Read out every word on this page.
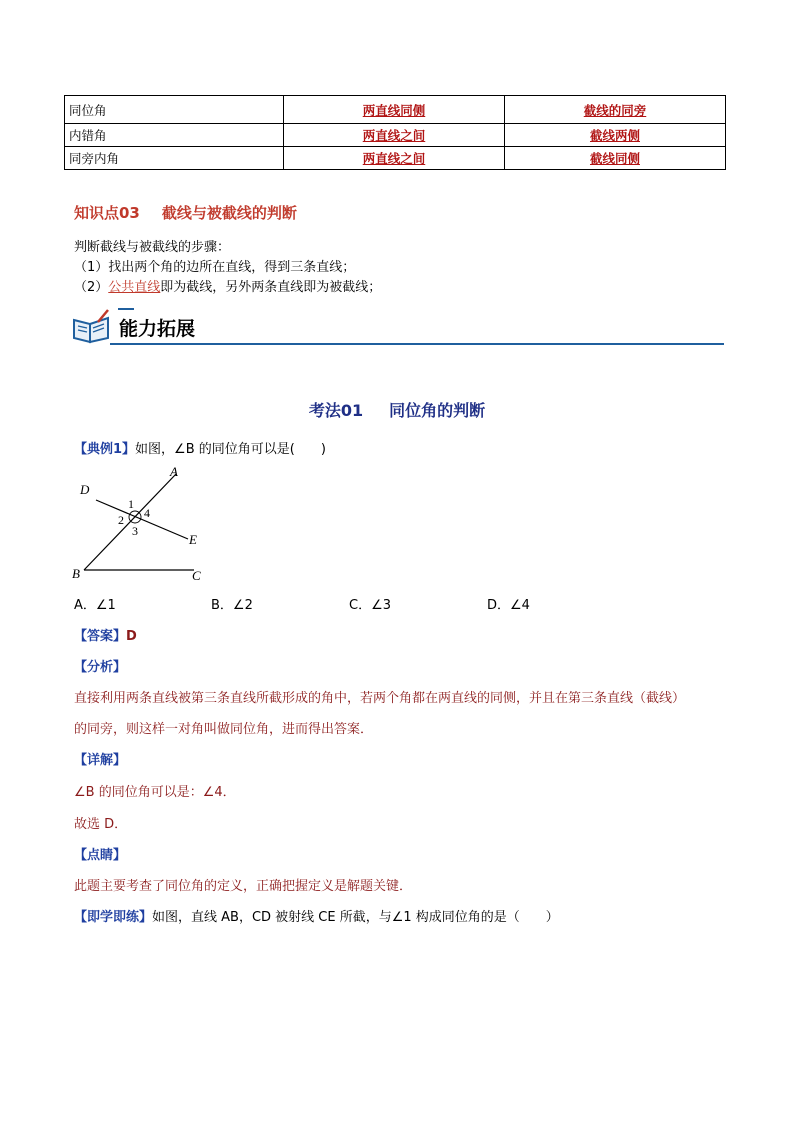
同位角	两直线同侧	截线的同旁
内错角	两直线之间	截线两侧
同旁内角	两直线之间	截线同侧
知识点03 截线与被截线的判断
判断截线与被截线的步骤：
（1）找出两个角的边所在直线，得到三条直线；
（2）公共直线即为截线，另外两条直线即为被截线；
能力拓展
考法01 同位角的判断
【典例1】如图，∠B 的同位角可以是(　　)
A
D
1
2 4
3
E
B	C
A．∠1	B．∠2	C．∠3	D．∠4
【答案】D
【分析】
直接利用两条直线被第三条直线所截形成的角中，若两个角都在两直线的同侧，并且在第三条直线（截线）
的同旁，则这样一对角叫做同位角，进而得出答案．
【详解】
∠B 的同位角可以是：∠4．
故选 D．
【点睛】
此题主要考查了同位角的定义，正确把握定义是解题关键．
【即学即练】如图，直线 AB，CD 被射线 CE 所截，与∠1 构成同位角的是（　　）
